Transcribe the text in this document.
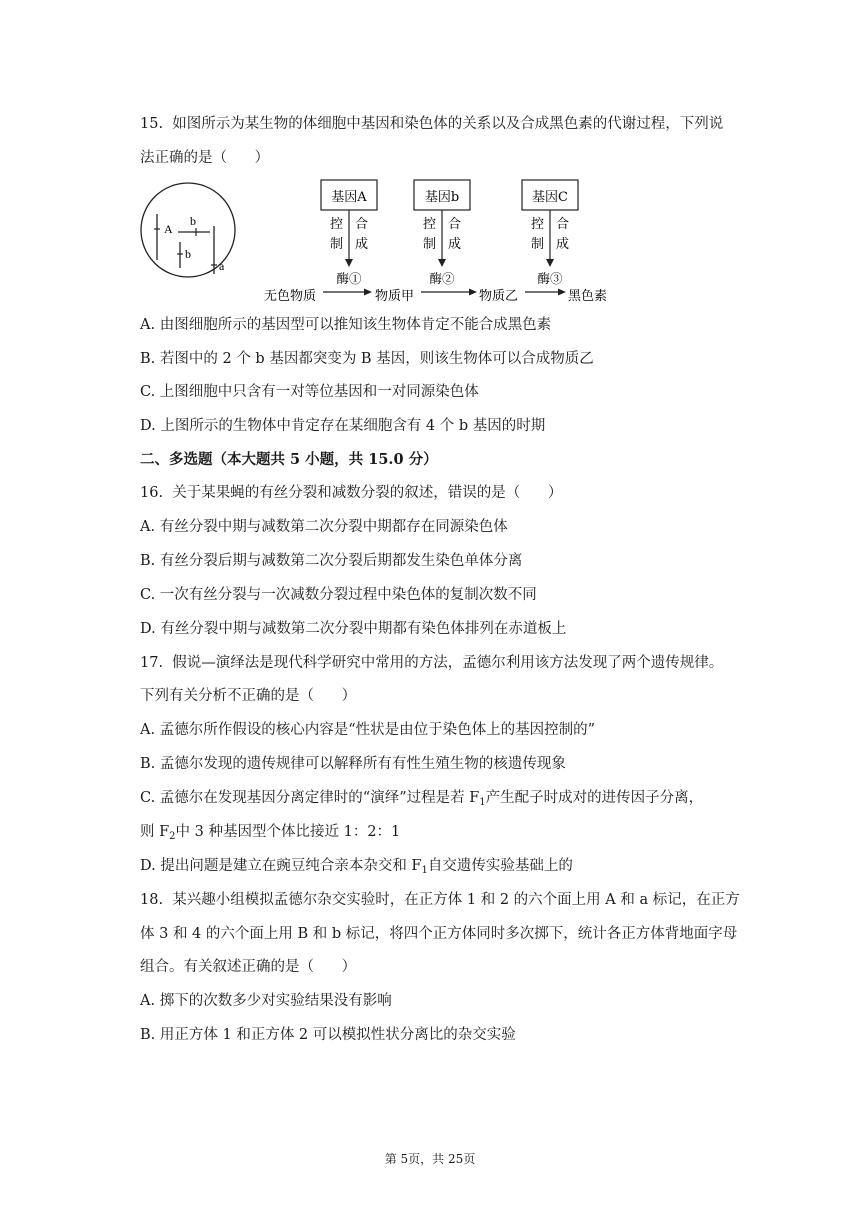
15.  如图所示为某生物的体细胞中基因和染色体的关系以及合成黑色素的代谢过程，下列说
法正确的是（      ）
A
b
b
a
基因A	基因b	基因C
控
制
合
成
控
制
合
成
控
制
合
成
酶①	酶②	酶③
无色物质	物质甲	物质乙	黑色素
A. 由图细胞所示的基因型可以推知该生物体肯定不能合成黑色素
B. 若图中的 2 个 b 基因都突变为 B 基因，则该生物体可以合成物质乙
C. 上图细胞中只含有一对等位基因和一对同源染色体
D. 上图所示的生物体中肯定存在某细胞含有 4 个 b 基因的时期
二、多选题（本大题共 5 小题，共 15.0 分）
16.  关于某果蝇的有丝分裂和减数分裂的叙述，错误的是（      ）
A. 有丝分裂中期与减数第二次分裂中期都存在同源染色体
B. 有丝分裂后期与减数第二次分裂后期都发生染色单体分离
C. 一次有丝分裂与一次减数分裂过程中染色体的复制次数不同
D. 有丝分裂中期与减数第二次分裂中期都有染色体排列在赤道板上
17.  假说—演绎法是现代科学研究中常用的方法，孟德尔利用该方法发现了两个遗传规律。
下列有关分析不正确的是（      ）
A. 孟德尔所作假设的核心内容是“性状是由位于染色体上的基因控制的”
B. 孟德尔发现的遗传规律可以解释所有有性生殖生物的核遗传现象
C. 孟德尔在发现基因分离定律时的“演绎”过程是若 $F_1$产生配子时成对的进传因子分离，
则 $F_2$中 3 种基因型个体比接近 1：2：1
D. 提出问题是建立在豌豆纯合亲本杂交和 $F_1$自交遗传实验基础上的
18.  某兴趣小组模拟孟德尔杂交实验时，在正方体 1 和 2 的六个面上用 A 和 a 标记，在正方
体 3 和 4 的六个面上用 B 和 b 标记，将四个正方体同时多次掷下，统计各正方体背地面字母
组合。有关叙述正确的是（      ）
A. 掷下的次数多少对实验结果没有影响
B. 用正方体 1 和正方体 2 可以模拟性状分离比的杂交实验
第 5页，共 25页
